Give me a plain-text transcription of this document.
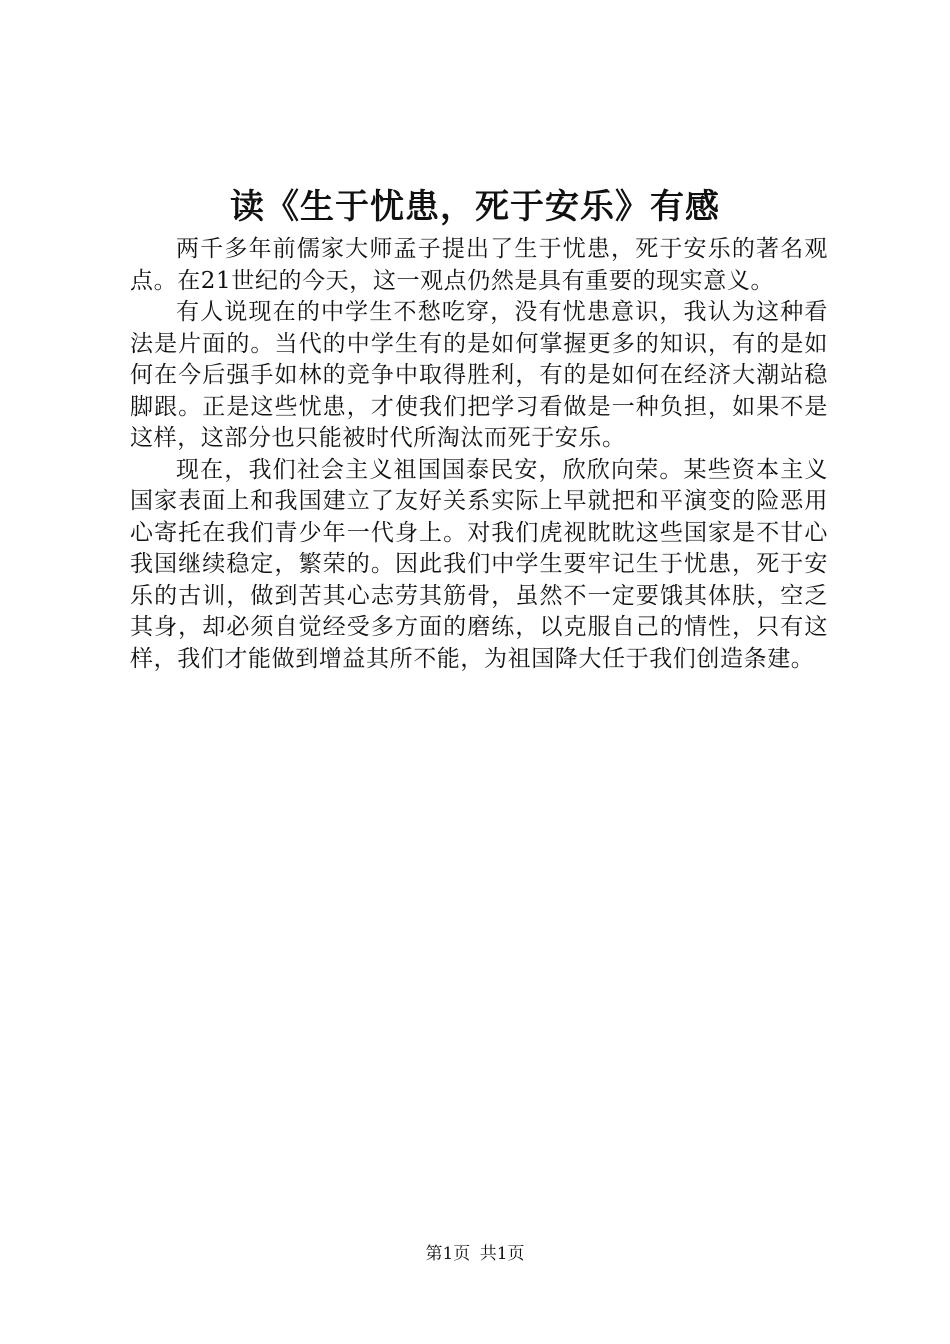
读《生于忧患，死于安乐》有感

两千多年前儒家大师孟子提出了生于忧患，死于安乐的著名观点。在21世纪的今天，这一观点仍然是具有重要的现实意义。

有人说现在的中学生不愁吃穿，没有忧患意识，我认为这种看法是片面的。当代的中学生有的是如何掌握更多的知识，有的是如何在今后强手如林的竞争中取得胜利，有的是如何在经济大潮站稳脚跟。正是这些忧患，才使我们把学习看做是一种负担，如果不是这样，这部分也只能被时代所淘汰而死于安乐。

现在，我们社会主义祖国国泰民安，欣欣向荣。某些资本主义国家表面上和我国建立了友好关系实际上早就把和平演变的险恶用心寄托在我们青少年一代身上。对我们虎视眈眈这些国家是不甘心我国继续稳定，繁荣的。因此我们中学生要牢记生于忧患，死于安乐的古训，做到苦其心志劳其筋骨，虽然不一定要饿其体肤，空乏其身，却必须自觉经受多方面的磨练，以克服自己的情性，只有这样，我们才能做到增益其所不能，为祖国降大任于我们创造条建。

第1页 共1页
